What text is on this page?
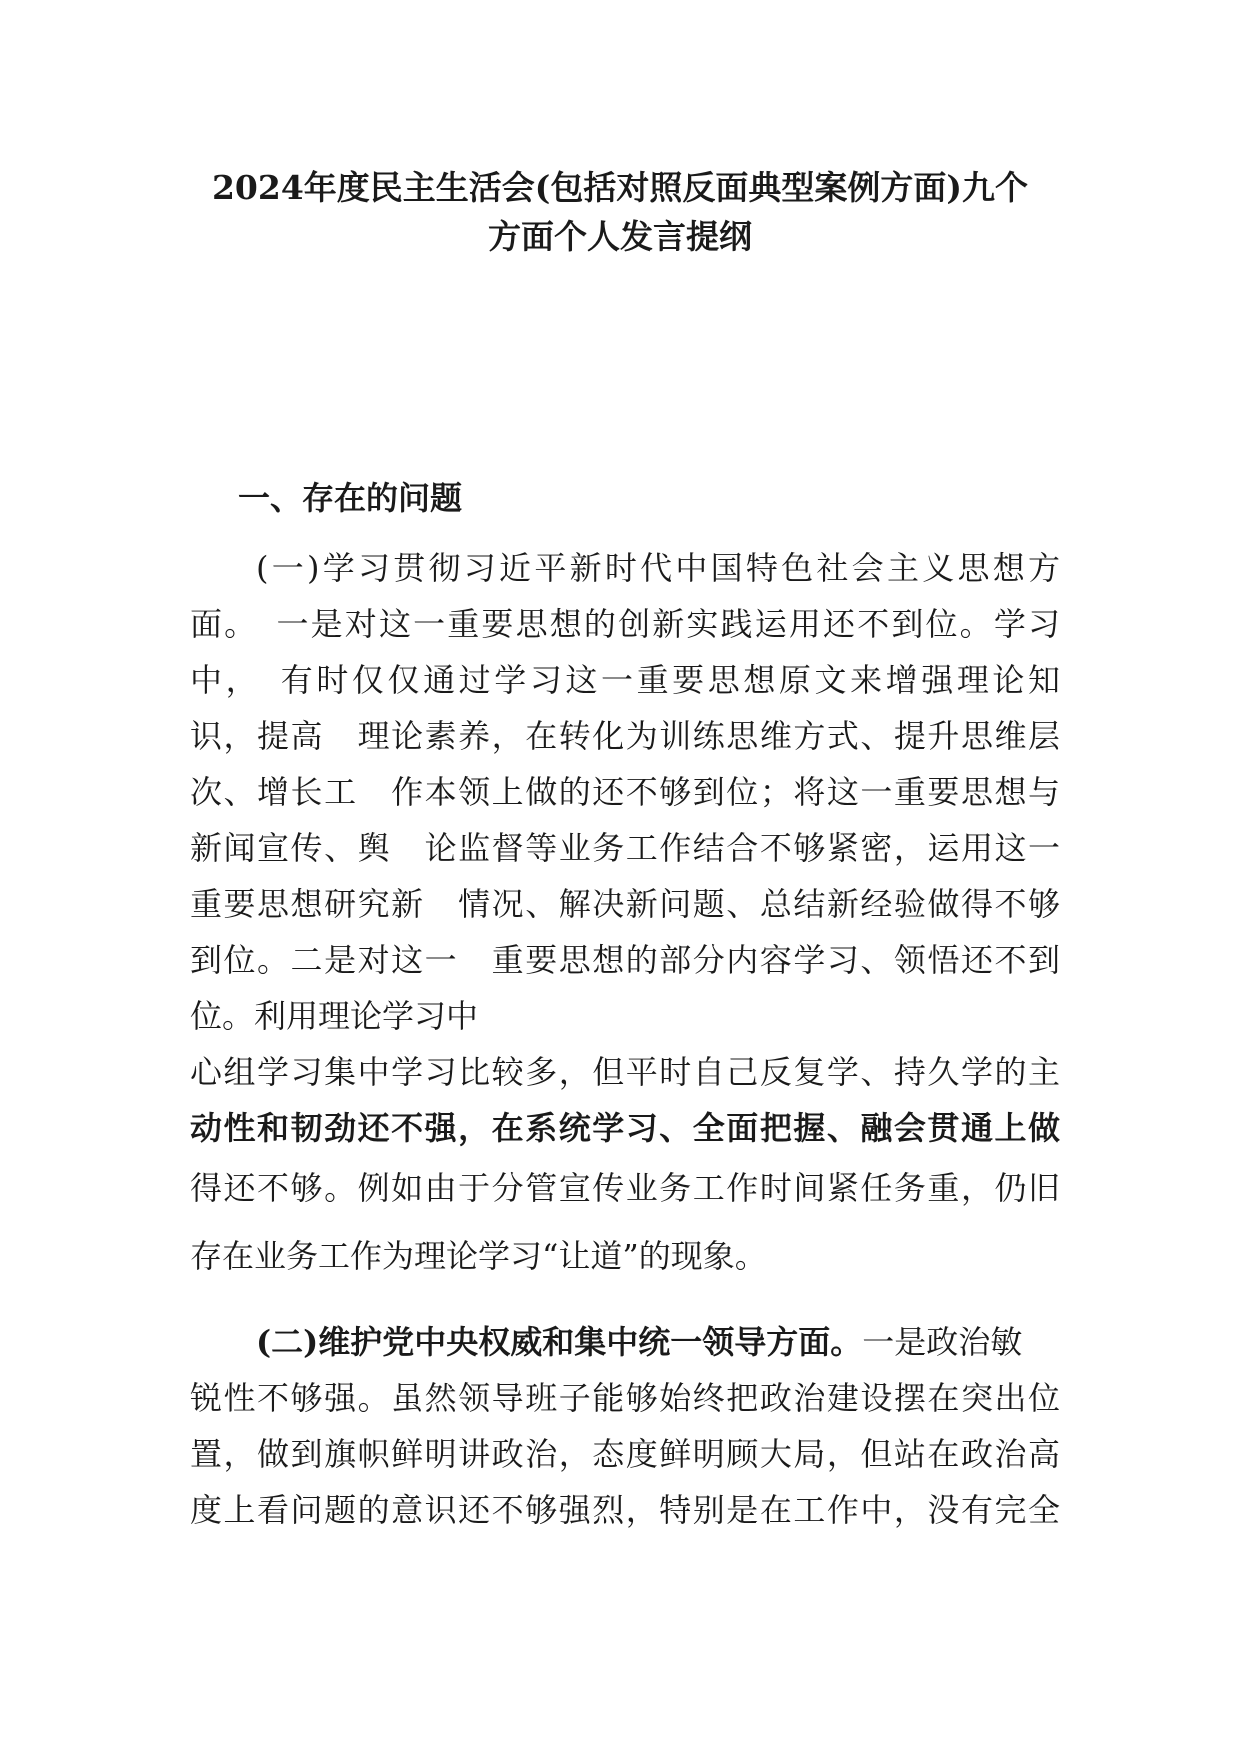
2024年度民主生活会(包括对照反面典型案例方面)九个
方面个人发言提纲
一、存在的问题

(一)学习贯彻习近平新时代中国特色社会主义思想方

面。　一是对这一重要思想的创新实践运用还不到位。学习

中，　有时仅仅通过学习这一重要思想原文来增强理论知

识，提高　理论素养，在转化为训练思维方式、提升思维层

次、增长工　作本领上做的还不够到位；将这一重要思想与

新闻宣传、舆　论监督等业务工作结合不够紧密，运用这一

重要思想研究新　情况、解决新问题、总结新经验做得不够

到位。二是对这一　重要思想的部分内容学习、领悟还不到

位。利用理论学习中

心组学习集中学习比较多，但平时自己反复学、持久学的主

动性和韧劲还不强，在系统学习、全面把握、融会贯通上做

得还不够。例如由于分管宣传业务工作时间紧任务重，仍旧

存在业务工作为理论学习“让道”的现象。

(二)维护党中央权威和集中统一领导方面。一是政治敏

锐性不够强。虽然领导班子能够始终把政治建设摆在突出位

置，做到旗帜鲜明讲政治，态度鲜明顾大局，但站在政治高

度上看问题的意识还不够强烈，特别是在工作中，没有完全
